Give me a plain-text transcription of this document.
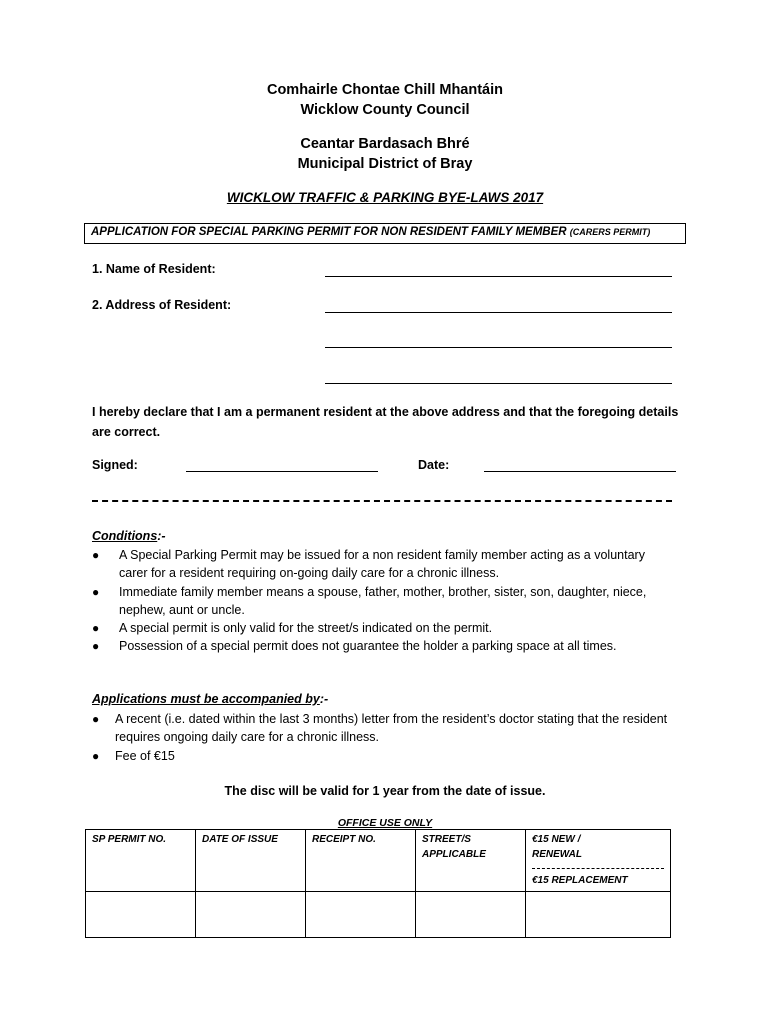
Comhairle Chontae Chill Mhantáin
Wicklow County Council
Ceantar Bardasach Bhré
Municipal District of Bray
WICKLOW TRAFFIC & PARKING BYE-LAWS 2017
APPLICATION FOR SPECIAL PARKING PERMIT FOR NON RESIDENT FAMILY MEMBER (CARERS PERMIT)
1. Name of Resident:
2. Address of Resident:
I hereby declare that I am a permanent resident at the above address and that the foregoing details are correct.
Signed:	Date:
Conditions:-
● A Special Parking Permit may be issued for a non resident family member acting as a voluntary carer for a resident requiring on-going daily care for a chronic illness.
● Immediate family member means a spouse, father, mother, brother, sister, son, daughter, niece, nephew, aunt or uncle.
● A special permit is only valid for the street/s indicated on the permit.
● Possession of a special permit does not guarantee the holder a parking space at all times.
Applications must be accompanied by:-
● A recent (i.e. dated within the last 3 months) letter from the resident’s doctor stating that the resident requires ongoing daily care for a chronic illness.
● Fee of €15
The disc will be valid for 1 year from the date of issue.
OFFICE USE ONLY
SP PERMIT NO.	DATE OF ISSUE	RECEIPT NO.	STREET/S APPLICABLE	€15 NEW /
RENEWAL
€15 REPLACEMENT
